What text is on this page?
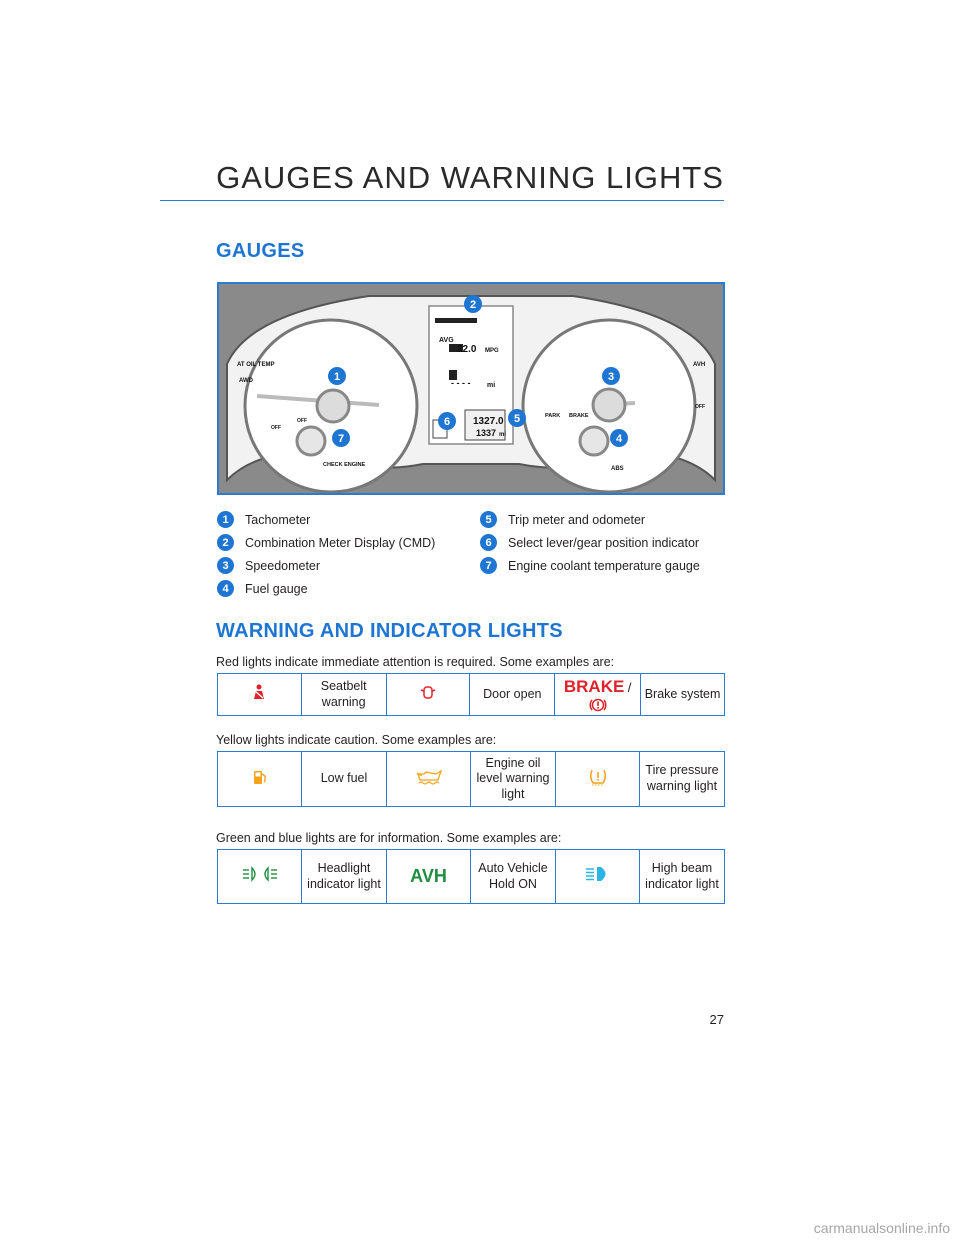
GAUGES AND WARNING LIGHTS
GAUGES
AVG
22.0 MPG
- - - - mi
1327.0
1337 mi
AT OIL TEMP
AWD
OFF
OFF
CHECK ENGINE
AVH
OFF
PARK BRAKE
ABS
1
2
3
4
5
6
7
1	Tachometer
2	Combination Meter Display (CMD)
3	Speedometer
4	Fuel gauge
5	Trip meter and odometer
6	Select lever/gear position indicator
7	Engine coolant temperature gauge
WARNING AND INDICATOR LIGHTS
Red lights indicate immediate attention is required. Some examples are:
	Seatbelt warning		Door open	BRAKE /	Brake system
Yellow lights indicate caution. Some examples are:
	Low fuel		Engine oil level warning light		Tire pressure warning light
Green and blue lights are for information. Some examples are:
	Headlight indicator light	AVH	Auto Vehicle Hold ON		High beam indicator light
27
carmanualsonline.info
